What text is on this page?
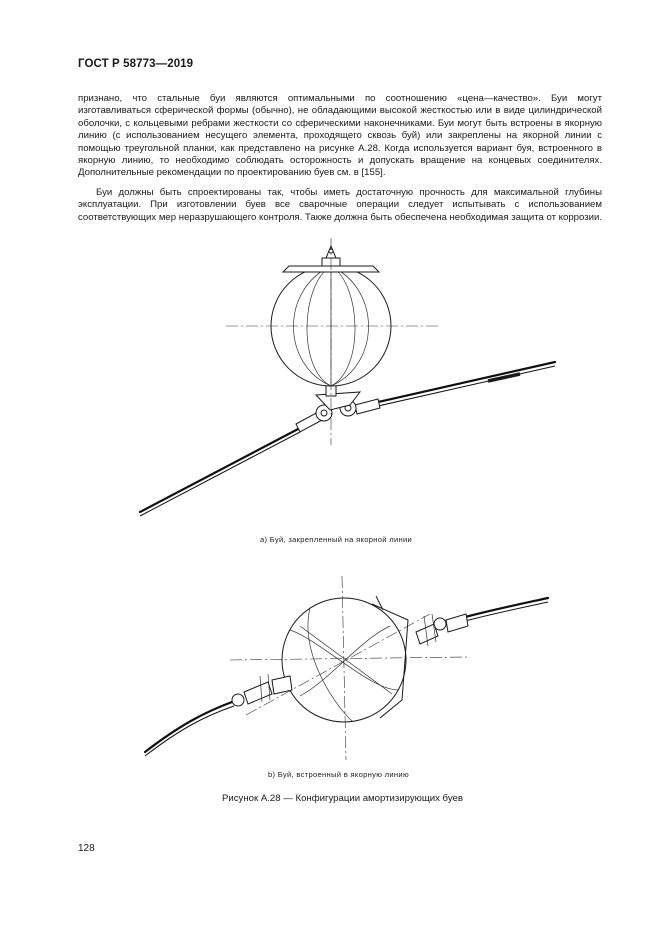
ГОСТ Р 58773—2019

признано, что стальные буи являются оптимальными по соотношению «цена—качество». Буи могут изготавливаться сферической формы (обычно), не обладающими высокой жесткостью или в виде цилиндрической оболочки, с кольцевыми ребрами жесткости со сферическими наконечниками. Буи могут быть встроены в якорную линию (с использованием несущего элемента, проходящего сквозь буй) или закреплены на якорной линии с помощью треугольной планки, как представлено на рисунке А.28. Когда используется вариант буя, встроенного в якорную линию, то необходимо соблюдать осторожность и допускать вращение на концевых соединителях. Дополнительные рекомендации по проектированию буев см. в [155].

Буи должны быть спроектированы так, чтобы иметь достаточную прочность для максимальной глубины эксплуатации. При изготовлении буев все сварочные операции следует испытывать с использованием соответствующих мер неразрушающего контроля. Также должна быть обеспечена необходимая защита от коррозии.

а) Буй, закрепленный на якорной линии
b) Буй, встроенный в якорную линию
Рисунок А.28 — Конфигурации амортизирующих буев
128
